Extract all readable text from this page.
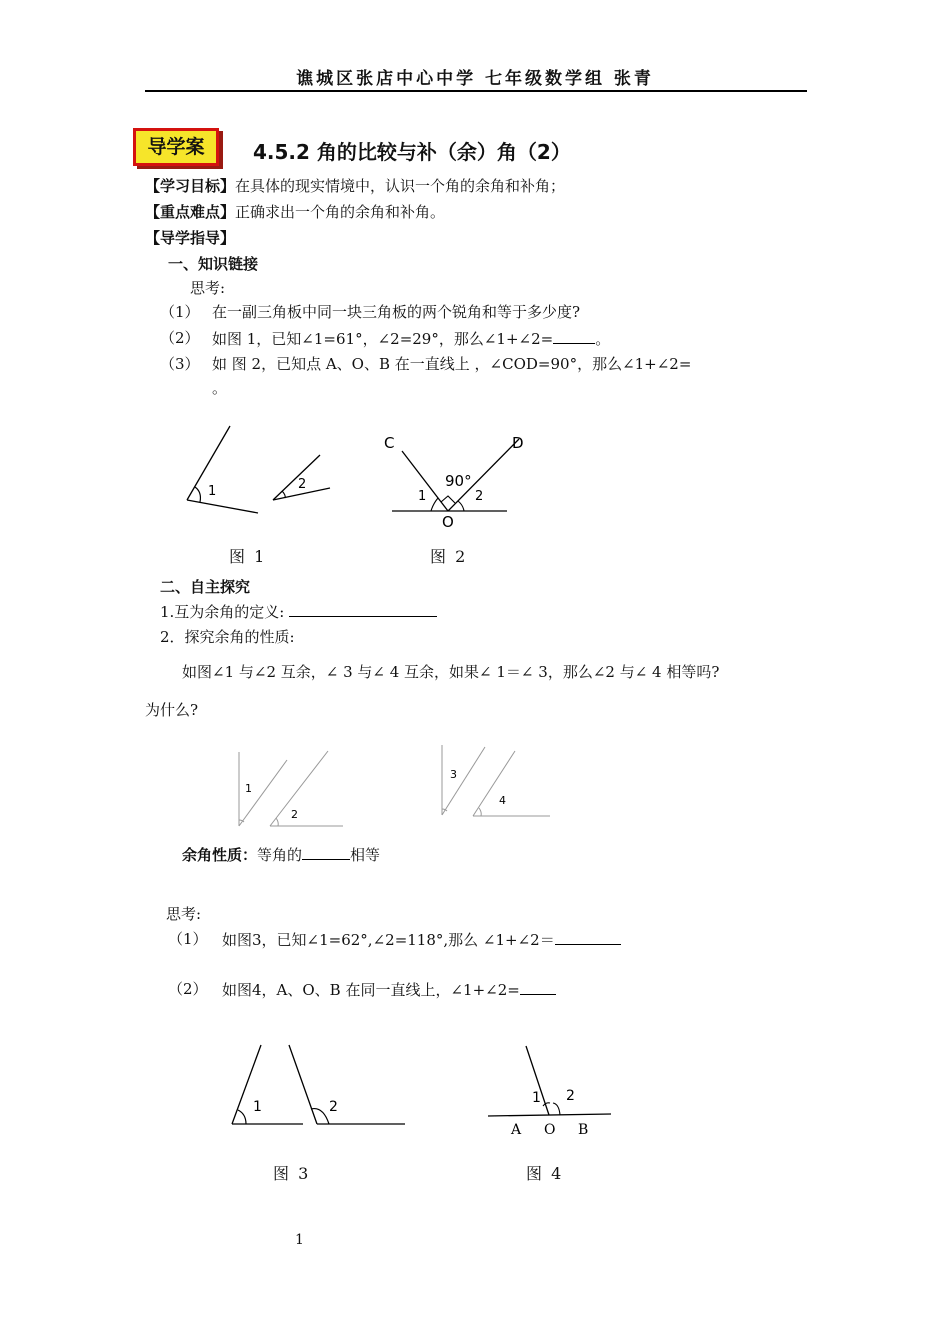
谯城区张店中心中学 七年级数学组 张青
导学案	4.5.2 角的比较与补（余）角（2）
【学习目标】在具体的现实情境中，认识一个角的余角和补角；
【重点难点】正确求出一个角的余角和补角。
【导学指导】
一、知识链接
思考:
（1） 在一副三角板中同一块三角板的两个锐角和等于多少度?
（2） 如图 1，已知∠1=61°，∠2=29°，那么∠1+∠2=	。
（3） 如 图 2，已知点 A、O、B 在一直线上 ，∠COD=90°，那么∠1+∠2=
。
1	2
图 1
C	D
90°
1	2
O
图 2
二、自主探究
1.互为余角的定义:
2．探究余角的性质:
如图∠1 与∠2 互余，∠ 3 与∠ 4 互余，如果∠ 1＝∠ 3，那么∠2 与∠ 4 相等吗?
为什么?
1
2
3
4
余角性质：等角的	相等
思考:
（1） 如图3，已知∠1=62°,∠2=118°,那么 ∠1+∠2＝
（2） 如图4，A、O、B 在同一直线上，∠1+∠2=
1	2
图 3
1 2
A O B
图 4
1
